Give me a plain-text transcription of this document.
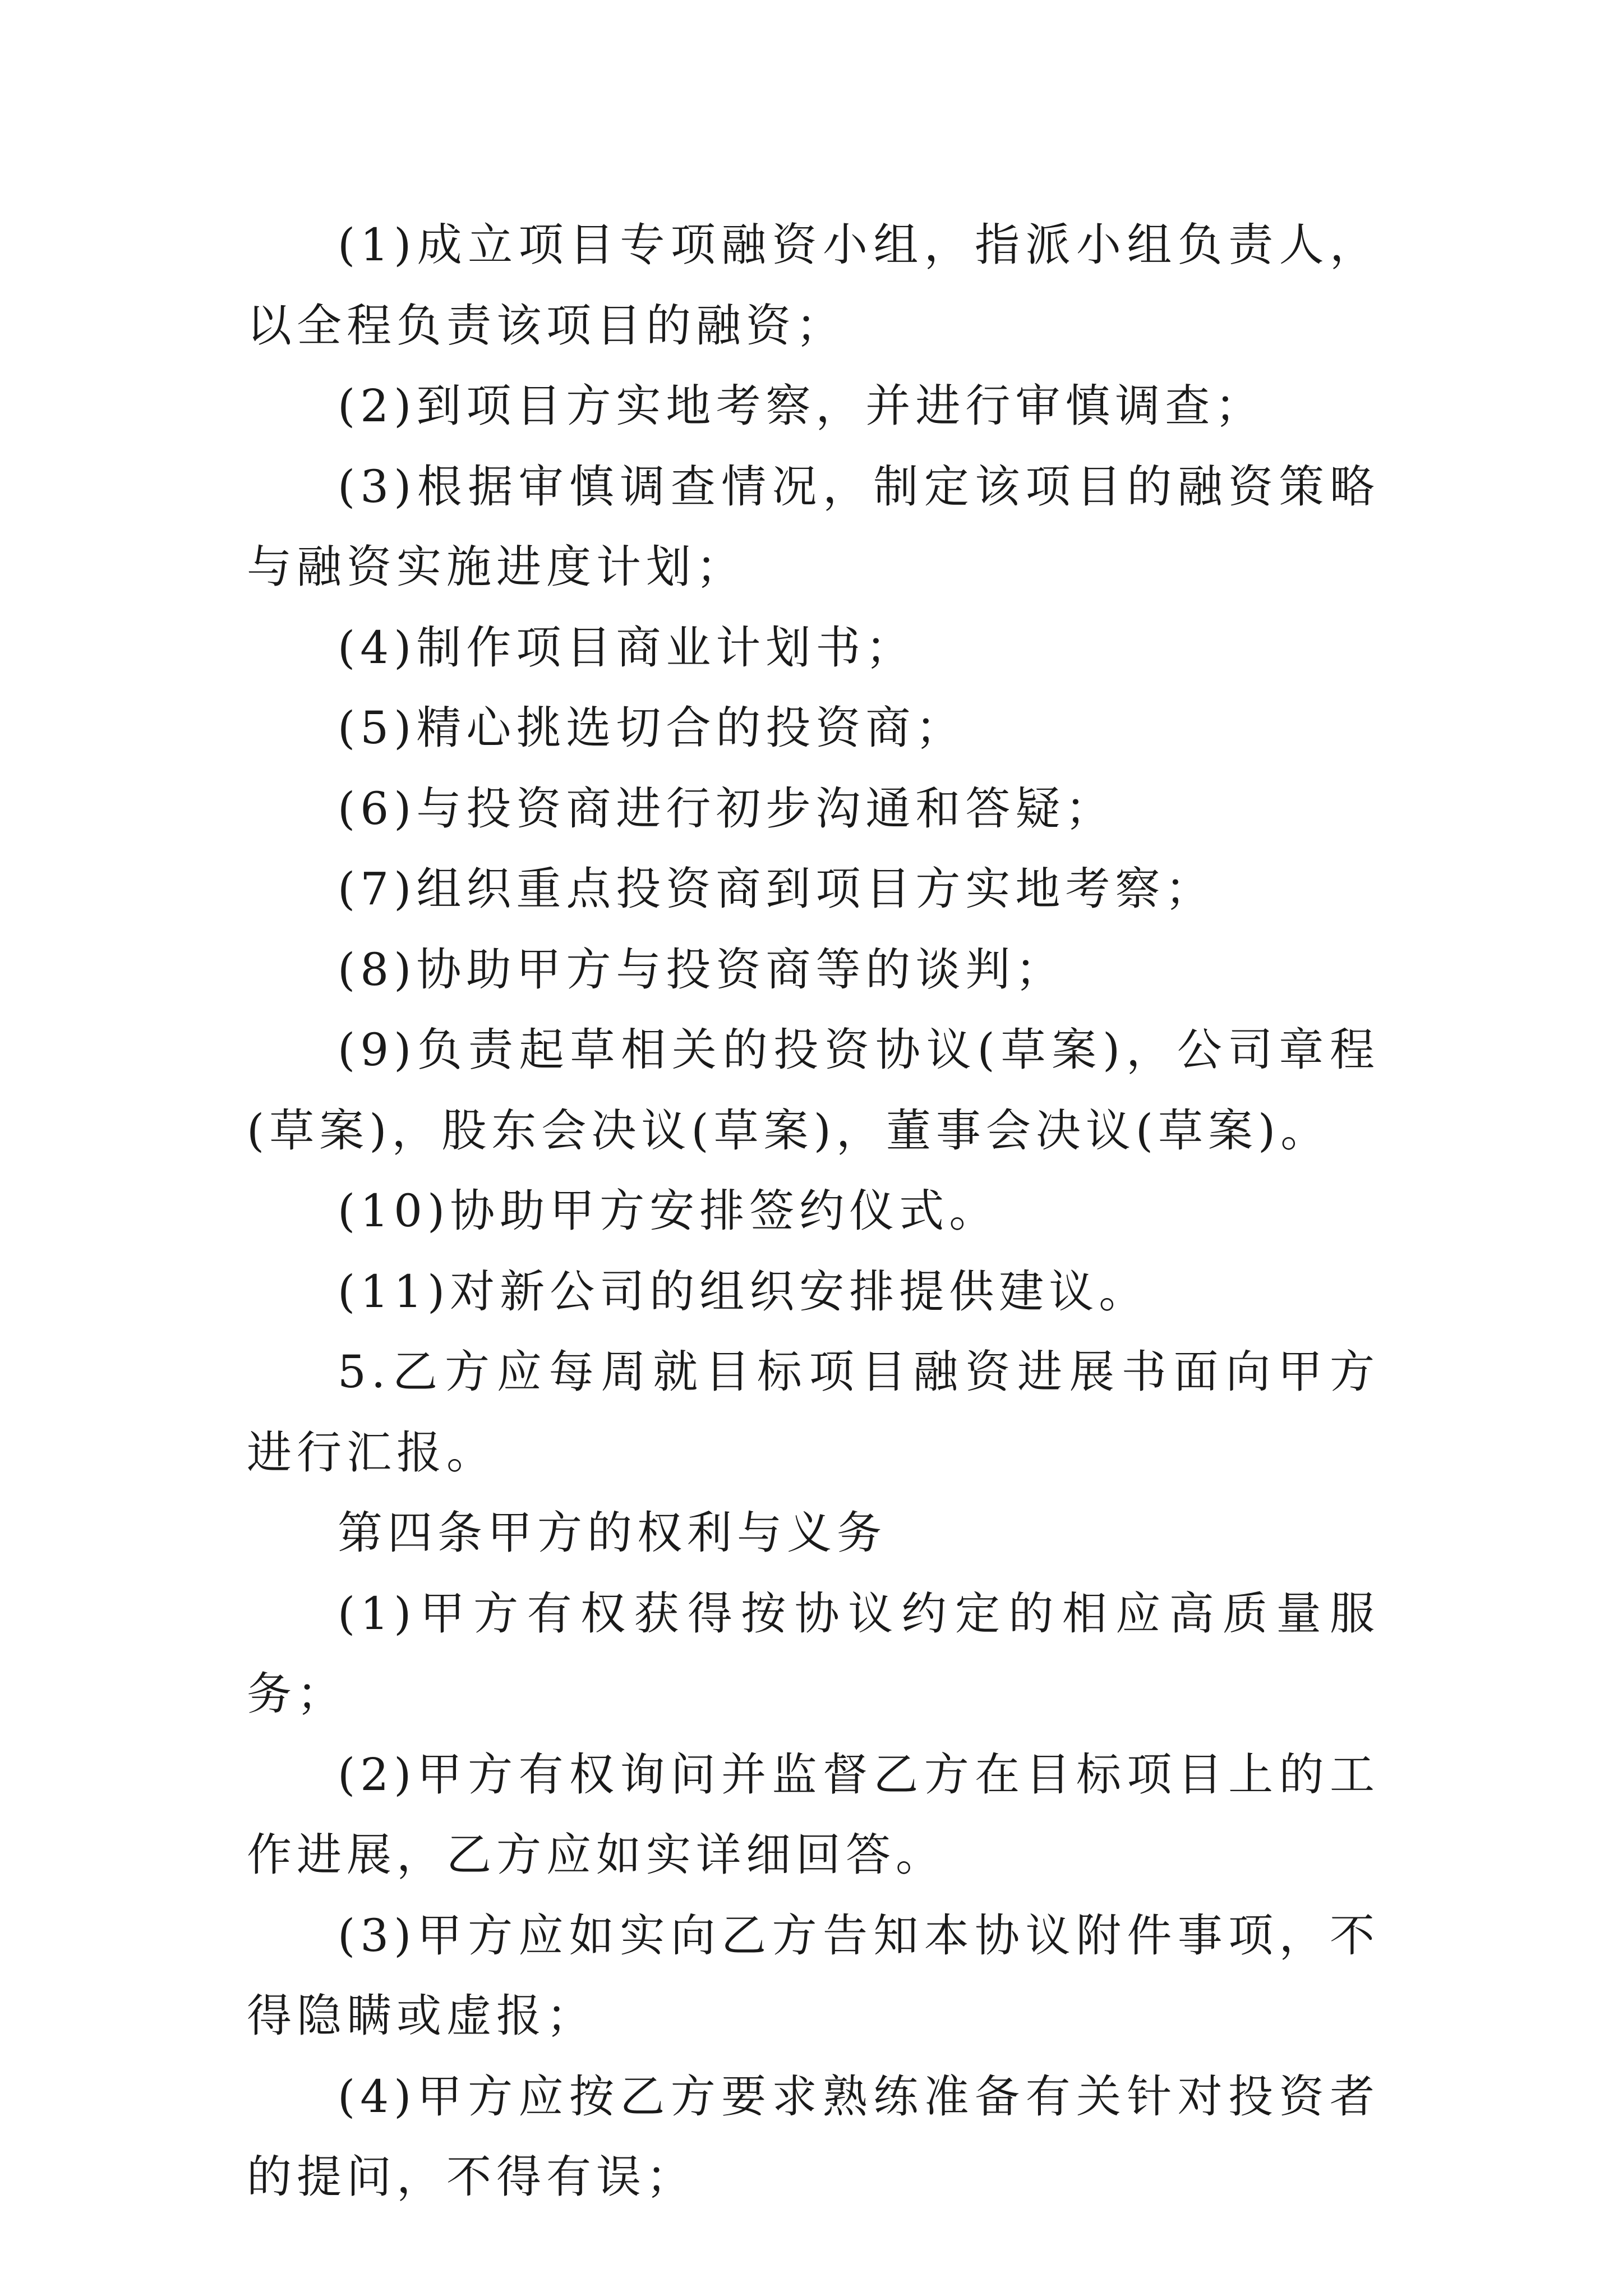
(1)成立项目专项融资小组，指派小组负责人，以全程负责该项目的融资；

(2)到项目方实地考察，并进行审慎调查；

(3)根据审慎调查情况，制定该项目的融资策略与融资实施进度计划；

(4)制作项目商业计划书；

(5)精心挑选切合的投资商；

(6)与投资商进行初步沟通和答疑；

(7)组织重点投资商到项目方实地考察；

(8)协助甲方与投资商等的谈判；

(9)负责起草相关的投资协议(草案)，公司章程(草案)，股东会决议(草案)，董事会决议(草案)。

(10)协助甲方安排签约仪式。

(11)对新公司的组织安排提供建议。

5.乙方应每周就目标项目融资进展书面向甲方进行汇报。

第四条甲方的权利与义务

(1)甲方有权获得按协议约定的相应高质量服务；

(2)甲方有权询问并监督乙方在目标项目上的工作进展，乙方应如实详细回答。

(3)甲方应如实向乙方告知本协议附件事项，不得隐瞒或虚报；

(4)甲方应按乙方要求熟练准备有关针对投资者的提问，不得有误；
